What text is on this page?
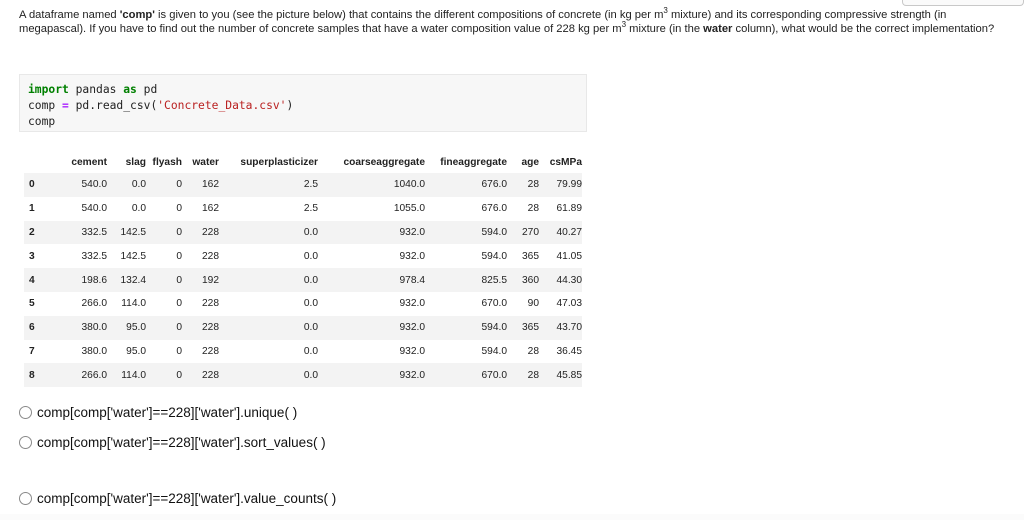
A dataframe named 'comp' is given to you (see the picture below) that contains the different compositions of concrete (in kg per $m^3$ mixture) and its corresponding compressive strength (in megapascal). If you have to find out the number of concrete samples that have a water composition value of 228 kg per $m^3$ mixture (in the water column), what would be the correct implementation?
import pandas as pd
comp = pd.read_csv('Concrete_Data.csv')
comp
	cement	slag	flyash	water	superplasticizer	coarseaggregate	fineaggregate	age	csMPa
0	540.0	0.0	0	162	2.5	1040.0	676.0	28	79.99
1	540.0	0.0	0	162	2.5	1055.0	676.0	28	61.89
2	332.5	142.5	0	228	0.0	932.0	594.0	270	40.27
3	332.5	142.5	0	228	0.0	932.0	594.0	365	41.05
4	198.6	132.4	0	192	0.0	978.4	825.5	360	44.30
5	266.0	114.0	0	228	0.0	932.0	670.0	90	47.03
6	380.0	95.0	0	228	0.0	932.0	594.0	365	43.70
7	380.0	95.0	0	228	0.0	932.0	594.0	28	36.45
8	266.0	114.0	0	228	0.0	932.0	670.0	28	45.85
comp[comp['water']==228]['water'].unique( )
comp[comp['water']==228]['water'].sort_values( )
comp[comp['water']==228]['water'].value_counts( )
